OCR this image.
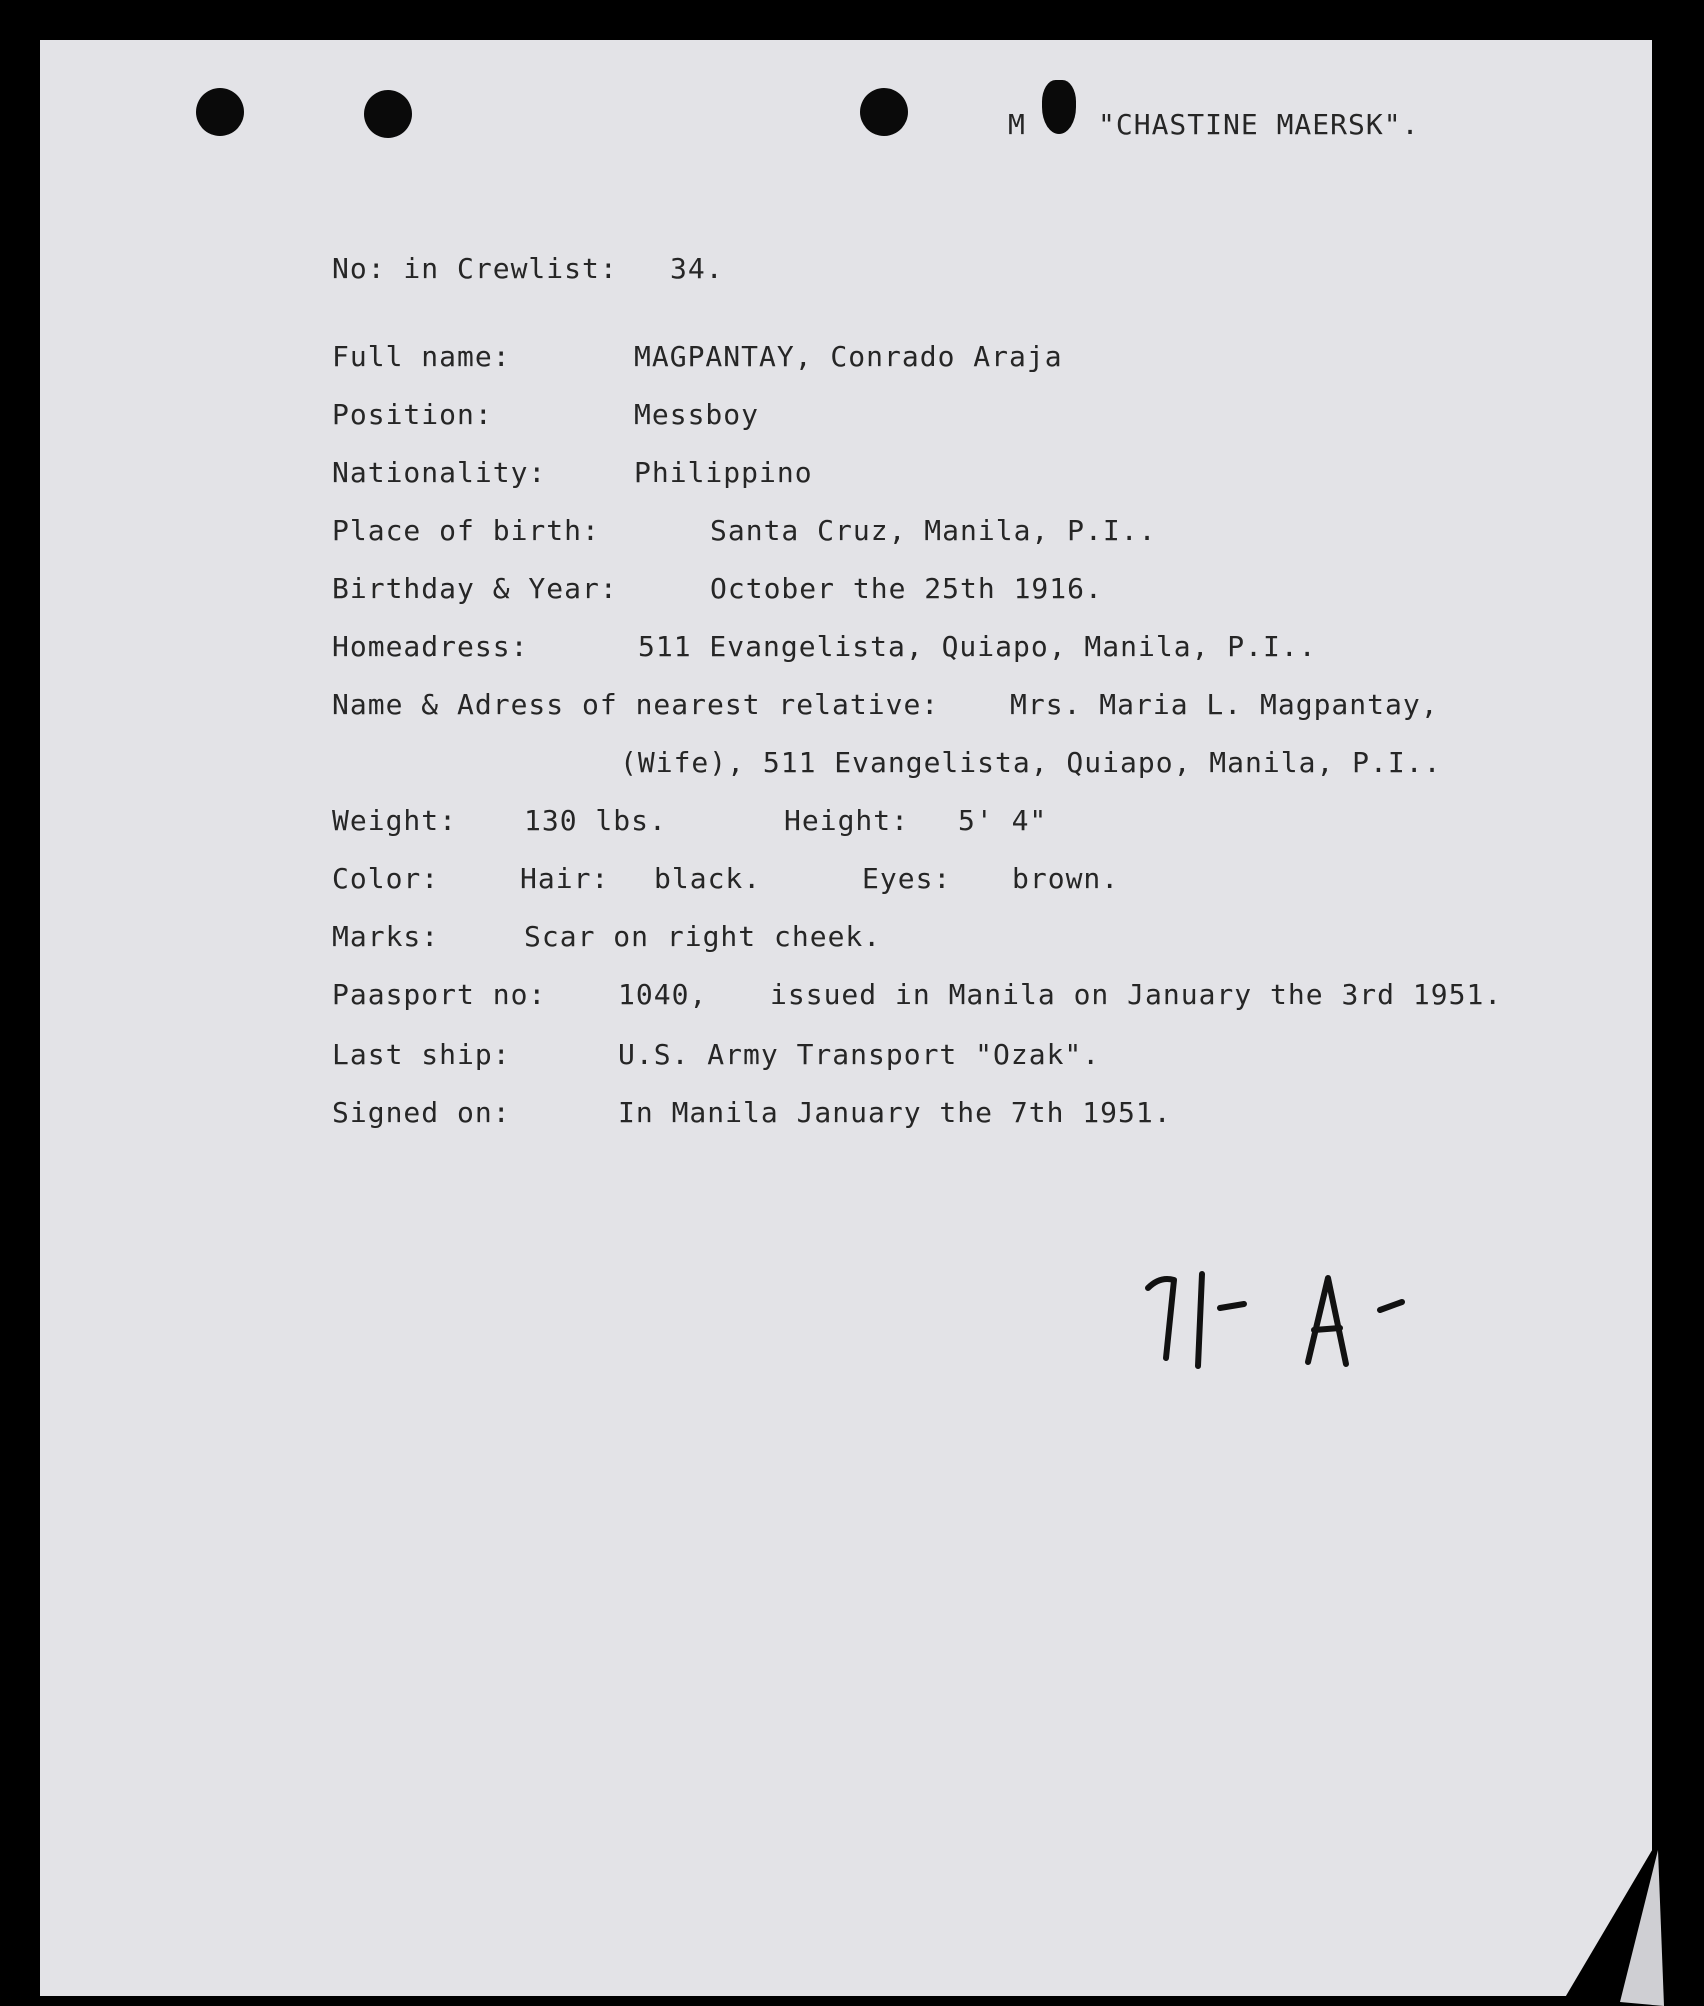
M	"CHASTINE MAERSK".
No: in Crewlist: 34.
Full name:	MAGPANTAY, Conrado Araja
Position:	Messboy
Nationality:	Philippino
Place of birth:	Santa Cruz, Manila, P.I..
Birthday & Year:	October the 25th 1916.
Homeadress:	511 Evangelista, Quiapo, Manila, P.I..
Name & Adress of nearest relative:	Mrs. Maria L. Magpantay,
(Wife), 511 Evangelista, Quiapo, Manila, P.I..
Weight: 130 lbs.	Height: 5' 4"
Color:	Hair: black.	Eyes: brown.
Marks:	Scar on right cheek.
Paasport no:	1040, issued in Manila on January the 3rd 1951.
Last ship:	U.S. Army Transport "Ozak".
Signed on:	In Manila January the 7th 1951.
